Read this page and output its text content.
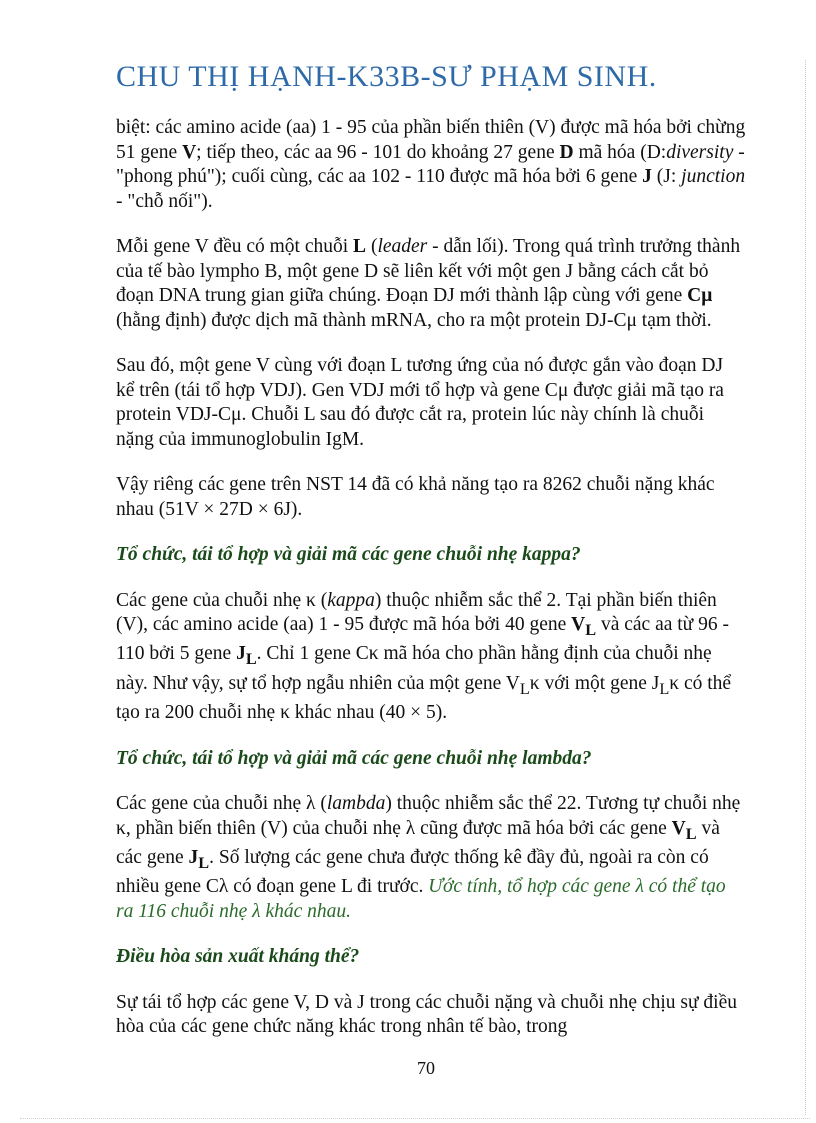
CHU THỊ HẠNH-K33B-SƯ PHẠM SINH.

biệt: các amino acide (aa) 1 - 95 của phần biến thiên (V) được mã hóa bởi chừng 51 gene V; tiếp theo, các aa 96 - 101 do khoảng 27 gene D mã hóa (D:diversity - "phong phú"); cuối cùng, các aa 102 - 110 được mã hóa bởi 6 gene J (J: junction - "chỗ nối").

Mỗi gene V đều có một chuỗi L (leader - dẫn lối). Trong quá trình trưởng thành của tế bào lympho B, một gene D sẽ liên kết với một gen J bằng cách cắt bỏ đoạn DNA trung gian giữa chúng. Đoạn DJ mới thành lập cùng với gene Cμ (hằng định) được dịch mã thành mRNA, cho ra một protein DJ-Cμ tạm thời.

Sau đó, một gene V cùng với đoạn L tương ứng của nó được gắn vào đoạn DJ kể trên (tái tổ hợp VDJ). Gen VDJ mới tổ hợp và gene Cμ được giải mã tạo ra protein VDJ-Cμ. Chuỗi L sau đó được cắt ra, protein lúc này chính là chuỗi nặng của immunoglobulin IgM.

Vậy riêng các gene trên NST 14 đã có khả năng tạo ra 8262 chuỗi nặng khác nhau (51V × 27D × 6J).

Tổ chức, tái tổ hợp và giải mã các gene chuỗi nhẹ kappa?

Các gene của chuỗi nhẹ κ (kappa) thuộc nhiễm sắc thể 2. Tại phần biến thiên (V), các amino acide (aa) 1 - 95 được mã hóa bởi 40 gene $V_L$ và các aa từ 96 - 110 bởi 5 gene $J_L$. Chỉ 1 gene Cκ mã hóa cho phần hằng định của chuỗi nhẹ này. Như vậy, sự tổ hợp ngẫu nhiên của một gene $V_L\kappa$ với một gene $J_L\kappa$ có thể tạo ra 200 chuỗi nhẹ κ khác nhau (40 × 5).

Tổ chức, tái tổ hợp và giải mã các gene chuỗi nhẹ lambda?

Các gene của chuỗi nhẹ λ (lambda) thuộc nhiễm sắc thể 22. Tương tự chuỗi nhẹ κ, phần biến thiên (V) của chuỗi nhẹ λ cũng được mã hóa bởi các gene $V_L$ và các gene $J_L$. Số lượng các gene chưa được thống kê đầy đủ, ngoài ra còn có nhiều gene Cλ có đoạn gene L đi trước. Ước tính, tổ hợp các gene λ có thể tạo ra 116 chuỗi nhẹ λ khác nhau.

Điều hòa sản xuất kháng thể?

Sự tái tổ hợp các gene V, D và J trong các chuỗi nặng và chuỗi nhẹ chịu sự điều hòa của các gene chức năng khác trong nhân tế bào, trong

70
